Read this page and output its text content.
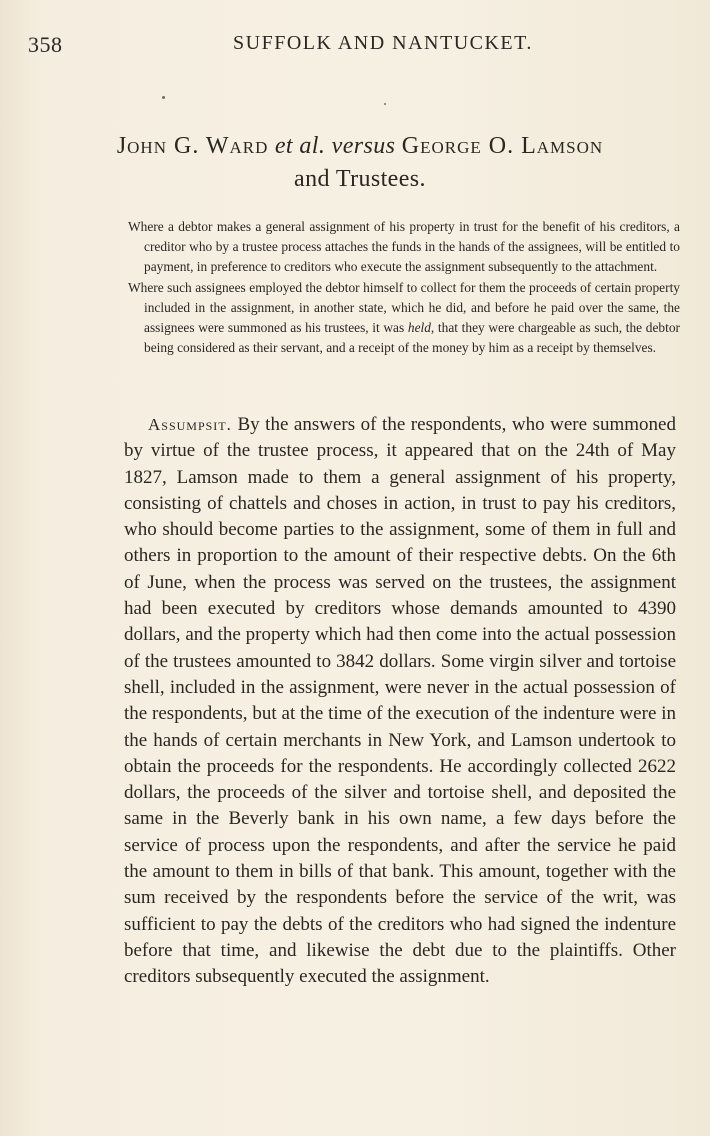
358	SUFFOLK AND NANTUCKET.
John G. Ward et al. versus George O. Lamson
and Trustees.

Where a debtor makes a general assignment of his property in trust for the benefit of his creditors, a creditor who by a trustee process attaches the funds in the hands of the assignees, will be entitled to payment, in preference to creditors who execute the assignment subsequently to the attachment.

Where such assignees employed the debtor himself to collect for them the proceeds of certain property included in the assignment, in another state, which he did, and before he paid over the same, the assignees were summoned as his trustees, it was held, that they were chargeable as such, the debtor being considered as their servant, and a receipt of the money by him as a receipt by themselves.

Assumpsit. By the answers of the respondents, who were summoned by virtue of the trustee process, it appeared that on the 24th of May 1827, Lamson made to them a general assignment of his property, consisting of chattels and choses in action, in trust to pay his creditors, who should become parties to the assignment, some of them in full and others in proportion to the amount of their respective debts. On the 6th of June, when the process was served on the trustees, the assignment had been executed by creditors whose demands amounted to 4390 dollars, and the property which had then come into the actual possession of the trustees amounted to 3842 dollars. Some virgin silver and tortoise shell, included in the assignment, were never in the actual possession of the respondents, but at the time of the execution of the indenture were in the hands of certain merchants in New York, and Lamson undertook to obtain the proceeds for the respondents. He accordingly collected 2622 dollars, the proceeds of the silver and tortoise shell, and deposited the same in the Beverly bank in his own name, a few days before the service of process upon the respondents, and after the service he paid the amount to them in bills of that bank. This amount, together with the sum received by the respondents before the service of the writ, was sufficient to pay the debts of the creditors who had signed the indenture before that time, and likewise the debt due to the plaintiffs. Other creditors subsequently executed the assignment.
